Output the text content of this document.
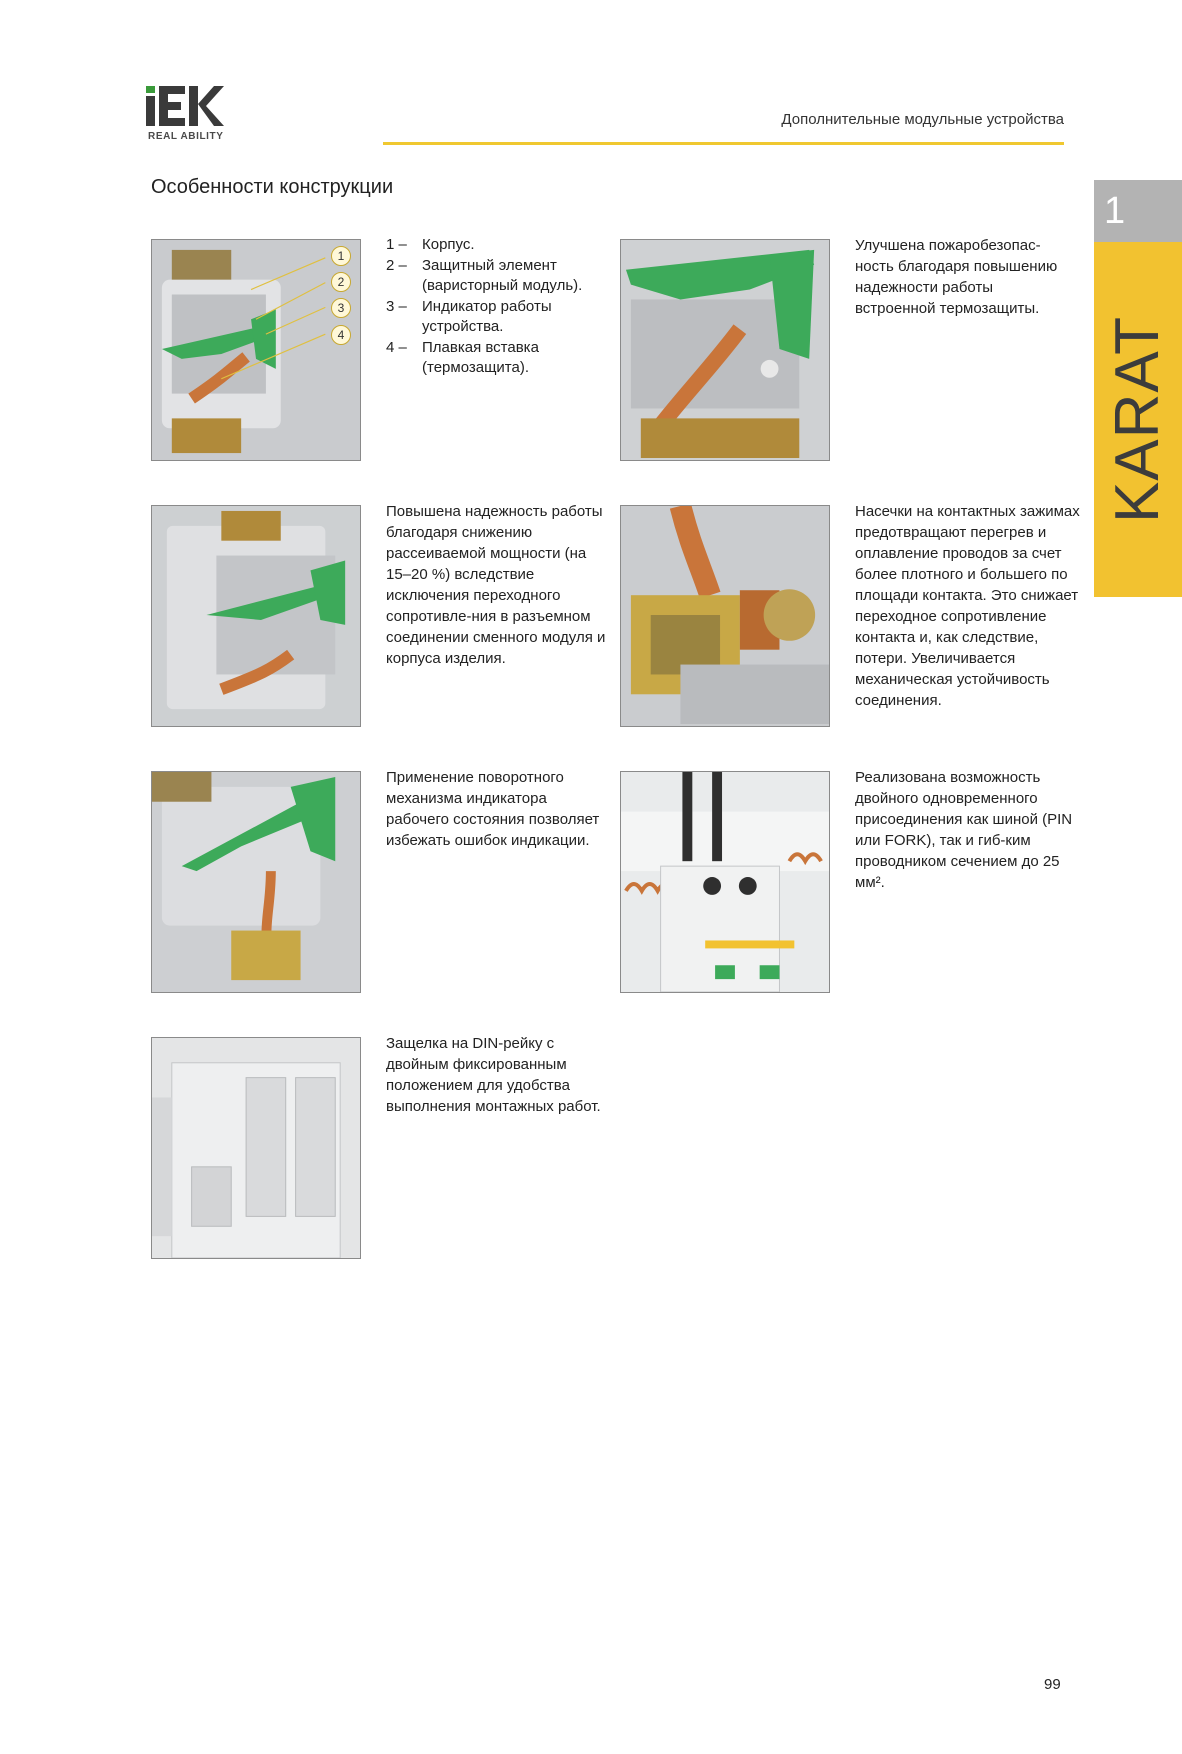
REAL ABILITY
Дополнительные модульные устройства
Особенности конструкции
1
KARAT
1
2
3
4
1 –	Корпус.
2 –	Защитный элемент (варисторный модуль).
3 –	Индикатор работы устройства.
4 –	Плавкая вставка (термозащита).
Улучшена пожаробезопас-ность благодаря повышению надежности работы встроенной термозащиты.
Повышена надежность работы благодаря снижению рассеиваемой мощности (на 15–20 %) вследствие исключения переходного сопротивле-ния в разъемном соединении сменного модуля и корпуса изделия.
Насечки на контактных зажимах предотвращают перегрев и оплавление проводов за счет более плотного и большего по площади контакта. Это снижает переходное сопротивление контакта и, как следствие, потери. Увеличивается механическая устойчивость соединения.
Применение поворотного механизма индикатора рабочего состояния позволяет избежать ошибок индикации.
Реализована возможность двойного одновременного присоединения как шиной (PIN или FORK), так и гиб-ким проводником сечением до 25 мм².
Защелка на DIN-рейку с двойным фиксированным положением для удобства выполнения монтажных работ.
99
